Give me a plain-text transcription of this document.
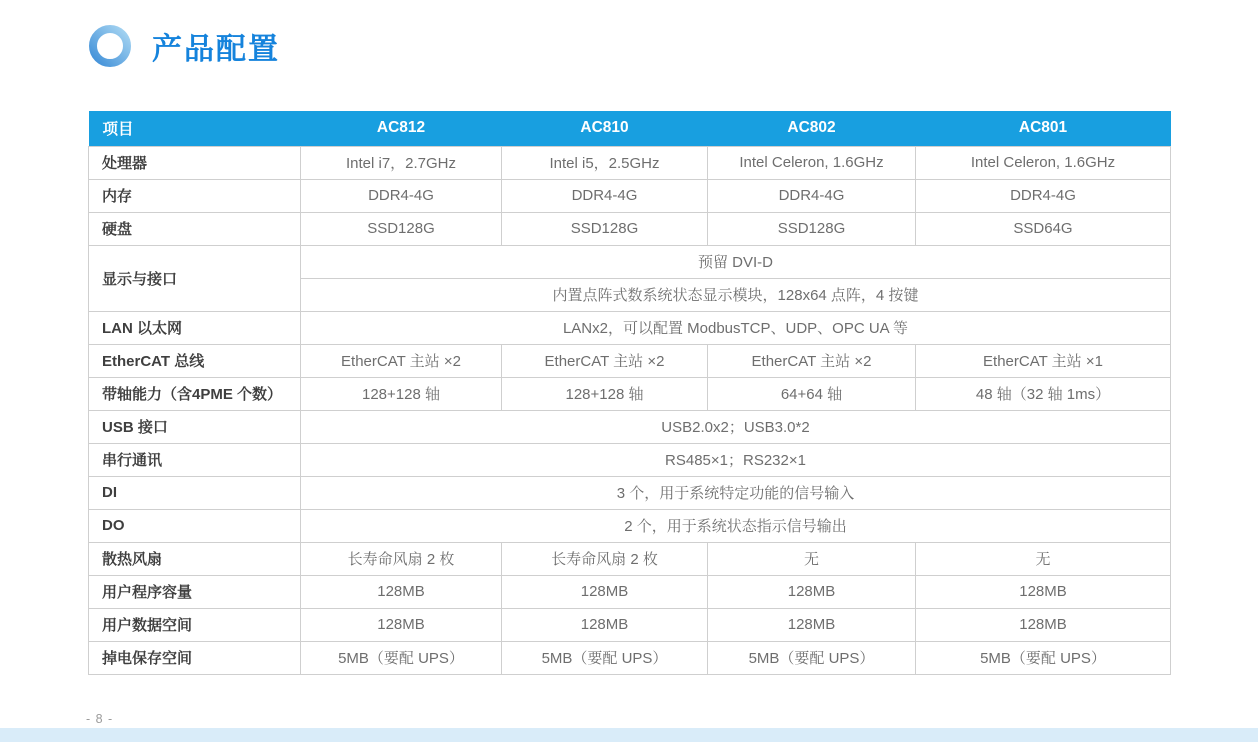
产品配置
项目	AC812	AC810	AC802	AC801
处理器	Intel i7，2.7GHz	Intel i5，2.5GHz	Intel Celeron, 1.6GHz	Intel Celeron, 1.6GHz
内存	DDR4-4G	DDR4-4G	DDR4-4G	DDR4-4G
硬盘	SSD128G	SSD128G	SSD128G	SSD64G
显示与接口	预留 DVI-D			
	内置点阵式数系统状态显示模块，128x64 点阵，4 按键			
LAN 以太网	LANx2，可以配置 ModbusTCP、UDP、OPC UA 等			
EtherCAT 总线	EtherCAT 主站 ×2	EtherCAT 主站 ×2	EtherCAT 主站 ×2	EtherCAT 主站 ×1
带轴能力（含4PME 个数）	128+128 轴	128+128 轴	64+64 轴	48 轴（32 轴 1ms）
USB 接口	USB2.0x2；USB3.0*2			
串行通讯	RS485×1；RS232×1			
DI	3 个，用于系统特定功能的信号输入			
DO	2 个，用于系统状态指示信号输出			
散热风扇	长寿命风扇 2 枚	长寿命风扇 2 枚	无	无
用户程序容量	128MB	128MB	128MB	128MB
用户数据空间	128MB	128MB	128MB	128MB
掉电保存空间	5MB（要配 UPS）	5MB（要配 UPS）	5MB（要配 UPS）	5MB（要配 UPS）
- 8 -
